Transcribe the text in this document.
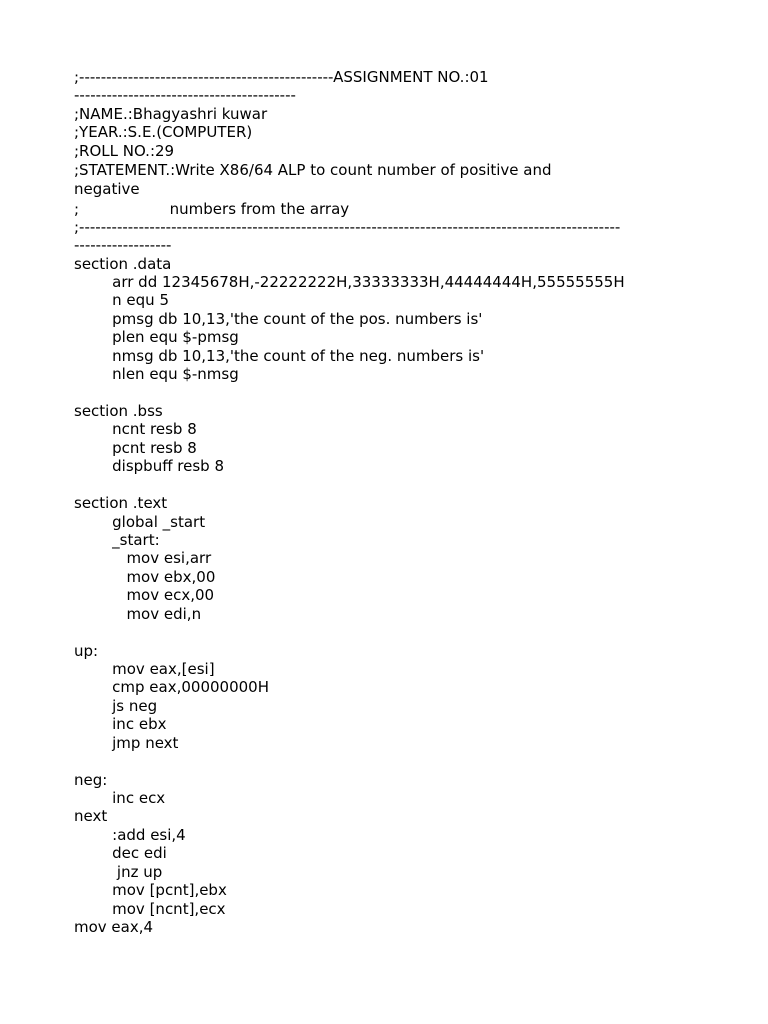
;-----------------------------------------------ASSIGNMENT NO.:01

-----------------------------------------

;NAME.:Bhagyashri kuwar

;YEAR.:S.E.(COMPUTER)

;ROLL NO.:29

;STATEMENT.:Write X86/64 ALP to count number of positive and

negative

;                   numbers from the array

;----------------------------------------------------------------------------------------------------

------------------

section .data

arr dd 12345678H,-22222222H,33333333H,44444444H,55555555H

n equ 5

pmsg db 10,13,'the count of the pos. numbers is'

plen equ $-pmsg

nmsg db 10,13,'the count of the neg. numbers is'

nlen equ $-nmsg

section .bss

ncnt resb 8

pcnt resb 8

dispbuff resb 8

section .text

global _start

_start:

mov esi,arr

mov ebx,00

mov ecx,00

mov edi,n

up:

mov eax,[esi]

cmp eax,00000000H

js neg

inc ebx

jmp next

neg:

inc ecx

next

:add esi,4

dec edi

jnz up

mov [pcnt],ebx

mov [ncnt],ecx

mov eax,4
